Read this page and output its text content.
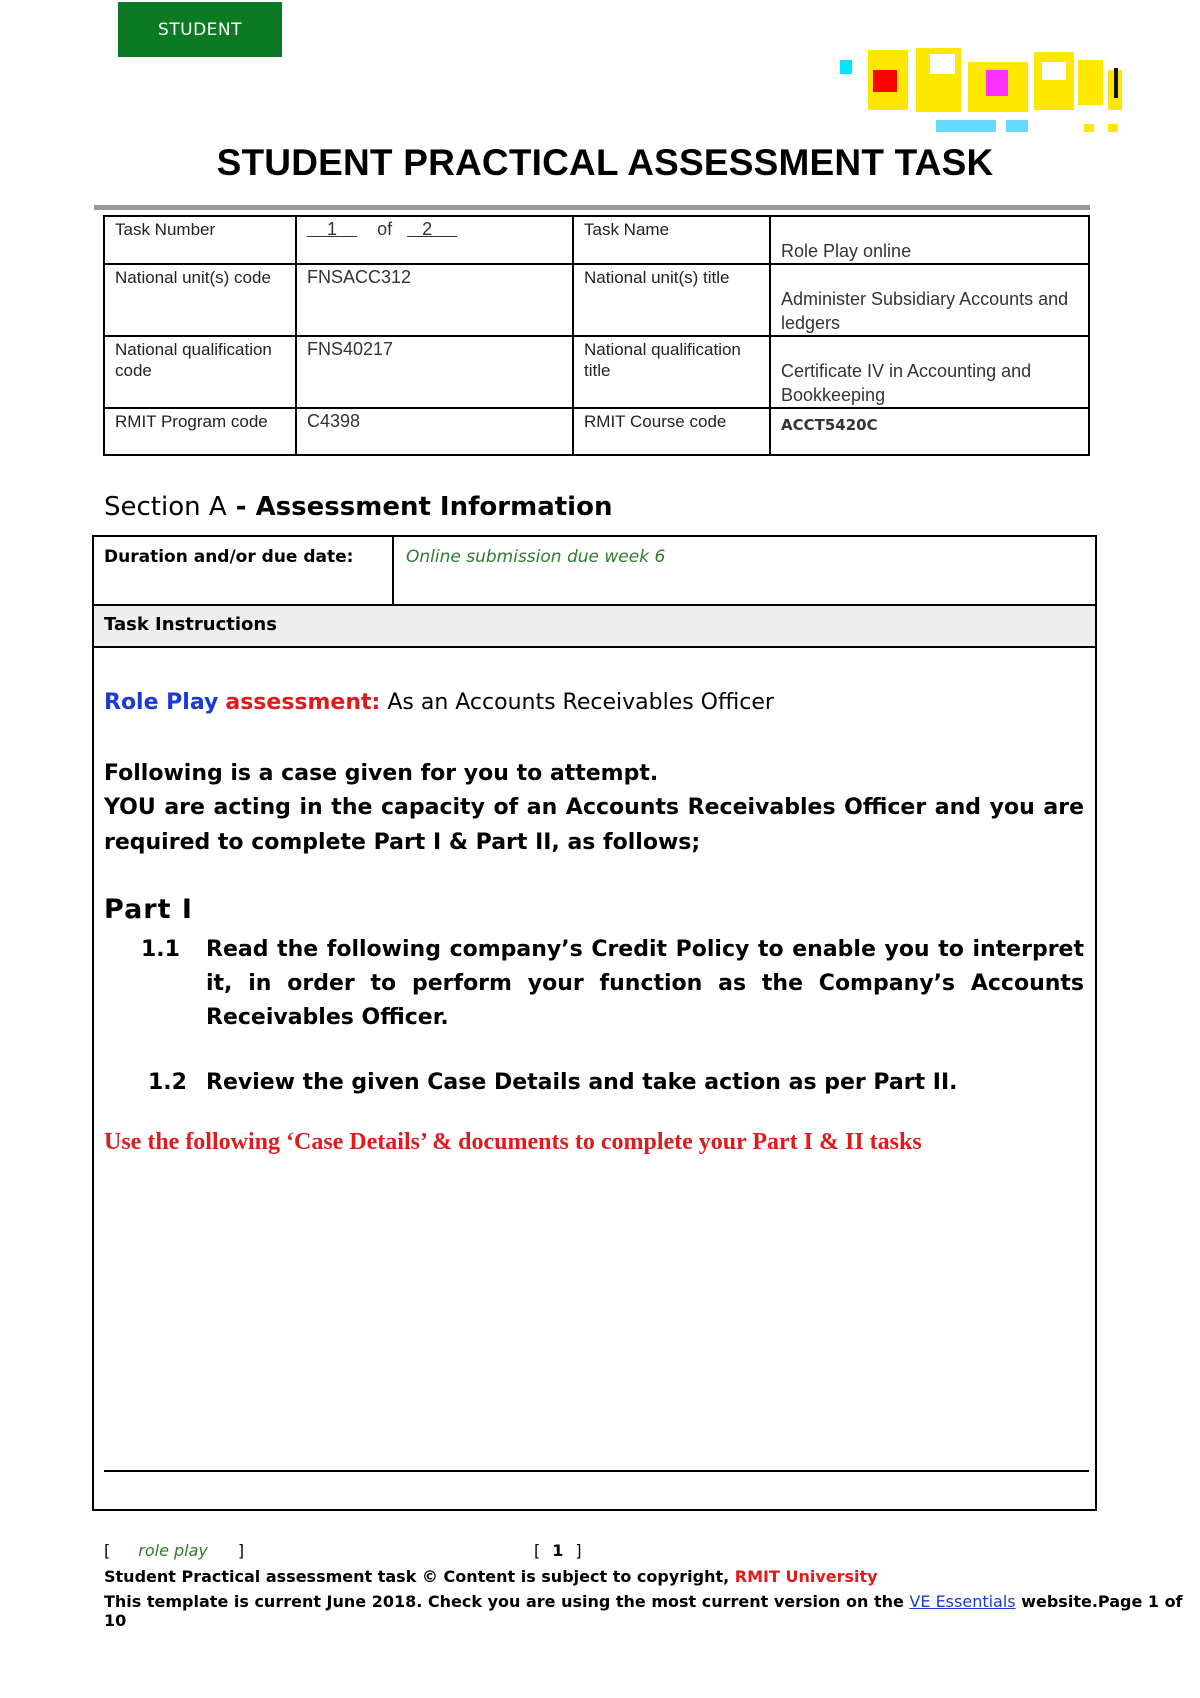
STUDENT
STUDENT PRACTICAL ASSESSMENT TASK
Task Number	1 of 2	Task Name	Role Play online
National unit(s) code	FNSACC312	National unit(s) title	Administer Subsidiary Accounts and ledgers
National qualification code	FNS40217	National qualification title	Certificate IV in Accounting and Bookkeeping
RMIT Program code	C4398	RMIT Course code	ACCT5420C
Section A - Assessment Information
Duration and/or due date:	Online submission due week 6
Task Instructions
Role Play assessment: As an Accounts Receivables Officer
Following is a case given for you to attempt.
YOU are acting in the capacity of an Accounts Receivables Officer and you are required to complete Part I & Part II, as follows;
Part I
1.1 Read the following company’s Credit Policy to enable you to interpret it, in order to perform your function as the Company’s Accounts Receivables Officer.
1.2 Review the given Case Details and take action as per Part II.
Use the following ‘Case Details’ & documents to complete your Part I & II tasks
[ role play ]	[ 1 ]
Student Practical assessment task © Content is subject to copyright, RMIT University
This template is current June 2018. Check you are using the most current version on the VE Essentials website.Page 1 of 10
